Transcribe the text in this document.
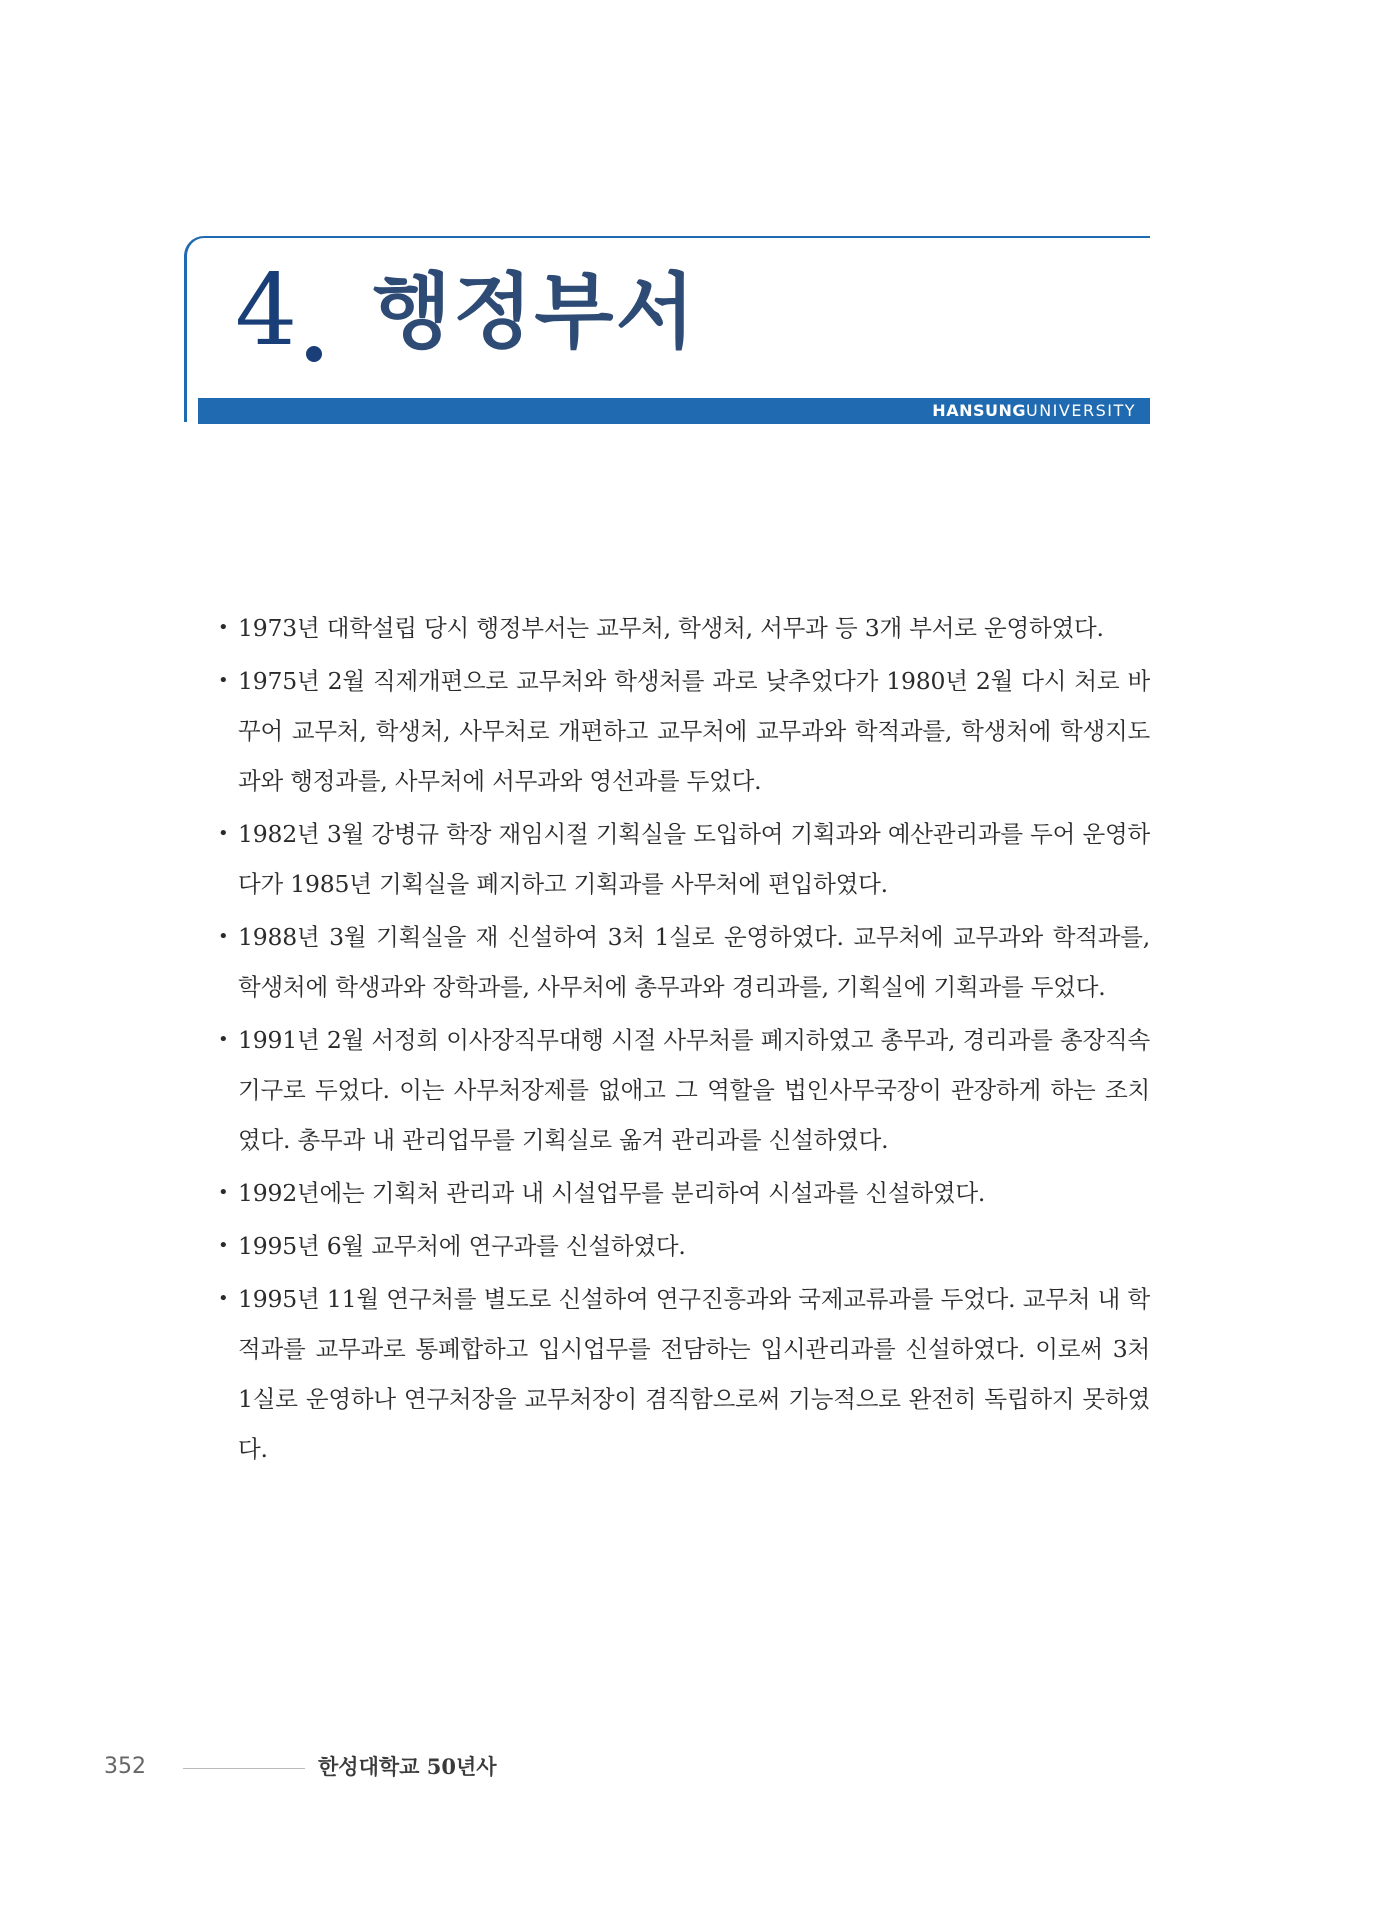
4 행정부서
HANSUNGUNIVERSITY
• 1973년 대학설립 당시 행정부서는 교무처, 학생처, 서무과 등 3개 부서로 운영하였다.
• 1975년 2월 직제개편으로 교무처와 학생처를 과로 낮추었다가 1980년 2월 다시 처로 바꾸어 교무처, 학생처, 사무처로 개편하고 교무처에 교무과와 학적과를, 학생처에 학생지도과와 행정과를, 사무처에 서무과와 영선과를 두었다.
• 1982년 3월 강병규 학장 재임시절 기획실을 도입하여 기획과와 예산관리과를 두어 운영하다가 1985년 기획실을 폐지하고 기획과를 사무처에 편입하였다.
• 1988년 3월 기획실을 재 신설하여 3처 1실로 운영하였다. 교무처에 교무과와 학적과를, 학생처에 학생과와 장학과를, 사무처에 총무과와 경리과를, 기획실에 기획과를 두었다.
• 1991년 2월 서정희 이사장직무대행 시절 사무처를 폐지하였고 총무과, 경리과를 총장직속기구로 두었다. 이는 사무처장제를 없애고 그 역할을 법인사무국장이 관장하게 하는 조치였다. 총무과 내 관리업무를 기획실로 옮겨 관리과를 신설하였다.
• 1992년에는 기획처 관리과 내 시설업무를 분리하여 시설과를 신설하였다.
• 1995년 6월 교무처에 연구과를 신설하였다.
• 1995년 11월 연구처를 별도로 신설하여 연구진흥과와 국제교류과를 두었다. 교무처 내 학적과를 교무과로 통폐합하고 입시업무를 전담하는 입시관리과를 신설하였다. 이로써 3처 1실로 운영하나 연구처장을 교무처장이 겸직함으로써 기능적으로 완전히 독립하지 못하였다.
352	한성대학교 50년사
